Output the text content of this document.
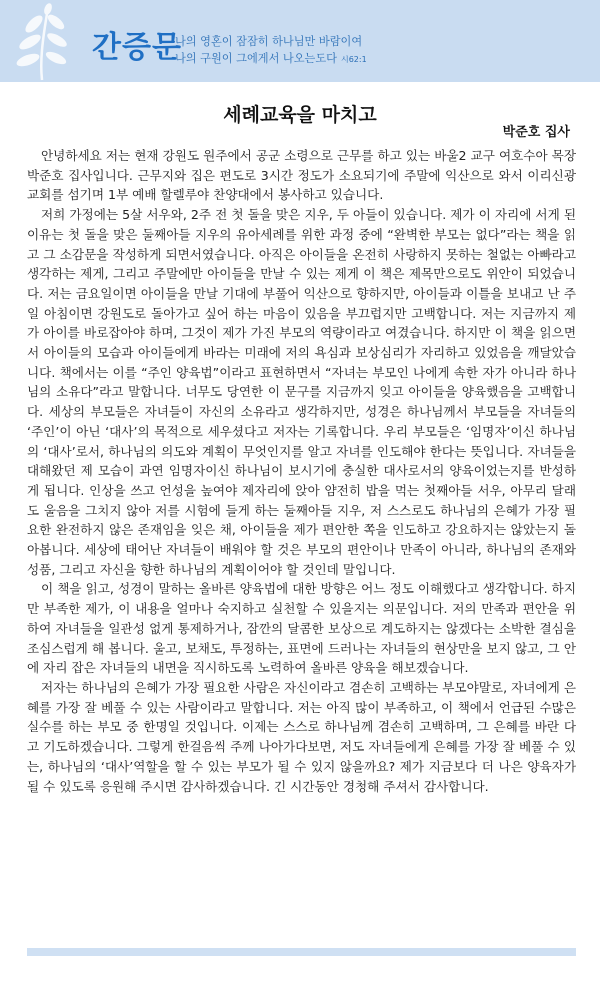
간증문
나의 영혼이 잠잠히 하나님만 바람이여
나의 구원이 그에게서 나오는도다 시62:1
세례교육을 마치고
박준호 집사

안녕하세요 저는 현재 강원도 원주에서 공군 소령으로 근무를 하고 있는 바울2 교구 여호수아 목장 박준호 집사입니다. 근무지와 집은 편도로 3시간 정도가 소요되기에 주말에 익산으로 와서 이리신광교회를 섬기며 1부 예배 할렐루야 찬양대에서 봉사하고 있습니다.

저희 가정에는 5살 서우와, 2주 전 첫 돌을 맞은 지우, 두 아들이 있습니다. 제가 이 자리에 서게 된 이유는 첫 돌을 맞은 둘째아들 지우의 유아세례를 위한 과정 중에 “완벽한 부모는 없다”라는 책을 읽고 그 소감문을 작성하게 되면서였습니다. 아직은 아이들을 온전히 사랑하지 못하는 철없는 아빠라고 생각하는 제게, 그리고 주말에만 아이들을 만날 수 있는 제게 이 책은 제목만으로도 위안이 되었습니다. 저는 금요일이면 아이들을 만날 기대에 부풀어 익산으로 향하지만, 아이들과 이틀을 보내고 난 주일 아침이면 강원도로 돌아가고 싶어 하는 마음이 있음을 부끄럽지만 고백합니다. 저는 지금까지 제가 아이를 바로잡아야 하며, 그것이 제가 가진 부모의 역량이라고 여겼습니다. 하지만 이 책을 읽으면서 아이들의 모습과 아이들에게 바라는 미래에 저의 욕심과 보상심리가 자리하고 있었음을 깨달았습니다. 책에서는 이를 “주인 양육법”이라고 표현하면서 “자녀는 부모인 나에게 속한 자가 아니라 하나님의 소유다”라고 말합니다. 너무도 당연한 이 문구를 지금까지 잊고 아이들을 양육했음을 고백합니다. 세상의 부모들은 자녀들이 자신의 소유라고 생각하지만, 성경은 하나님께서 부모들을 자녀들의 ‘주인’이 아닌 ‘대사’의 목적으로 세우셨다고 저자는 기록합니다. 우리 부모들은 ‘임명자’이신 하나님의 ‘대사’로서, 하나님의 의도와 계획이 무엇인지를 알고 자녀를 인도해야 한다는 뜻입니다. 자녀들을 대해왔던 제 모습이 과연 임명자이신 하나님이 보시기에 충실한 대사로서의 양육이었는지를 반성하게 됩니다. 인상을 쓰고 언성을 높여야 제자리에 앉아 얌전히 밥을 먹는 첫째아들 서우, 아무리 달래도 울음을 그치지 않아 저를 시험에 들게 하는 둘째아들 지우, 저 스스로도 하나님의 은혜가 가장 필요한 완전하지 않은 존재임을 잊은 채, 아이들을 제가 편안한 쪽을 인도하고 강요하지는 않았는지 돌아봅니다. 세상에 태어난 자녀들이 배워야 할 것은 부모의 편안이나 만족이 아니라, 하나님의 존재와 성품, 그리고 자신을 향한 하나님의 계획이어야 할 것인데 말입니다.

이 책을 읽고, 성경이 말하는 올바른 양육법에 대한 방향은 어느 정도 이해했다고 생각합니다. 하지만 부족한 제가, 이 내용을 얼마나 숙지하고 실천할 수 있을지는 의문입니다. 저의 만족과 편안을 위하여 자녀들을 일관성 없게 통제하거나, 잠깐의 달콤한 보상으로 계도하지는 않겠다는 소박한 결심을 조심스럽게 해 봅니다. 울고, 보채도, 투정하는, 표면에 드러나는 자녀들의 현상만을 보지 않고, 그 안에 자리 잡은 자녀들의 내면을 직시하도록 노력하여 올바른 양육을 해보겠습니다.

저자는 하나님의 은혜가 가장 필요한 사람은 자신이라고 겸손히 고백하는 부모야말로, 자녀에게 은혜를 가장 잘 베풀 수 있는 사람이라고 말합니다. 저는 아직 많이 부족하고, 이 책에서 언급된 수많은 실수를 하는 부모 중 한명일 것입니다. 이제는 스스로 하나님께 겸손히 고백하며, 그 은혜를 바란 다고 기도하겠습니다. 그렇게 한걸음씩 주께 나아가다보면, 저도 자녀들에게 은혜를 가장 잘 베풀 수 있는, 하나님의 ‘대사’역할을 할 수 있는 부모가 될 수 있지 않을까요? 제가 지금보다 더 나은 양육자가 될 수 있도록 응원해 주시면 감사하겠습니다. 긴 시간동안 경청해 주셔서 감사합니다.
